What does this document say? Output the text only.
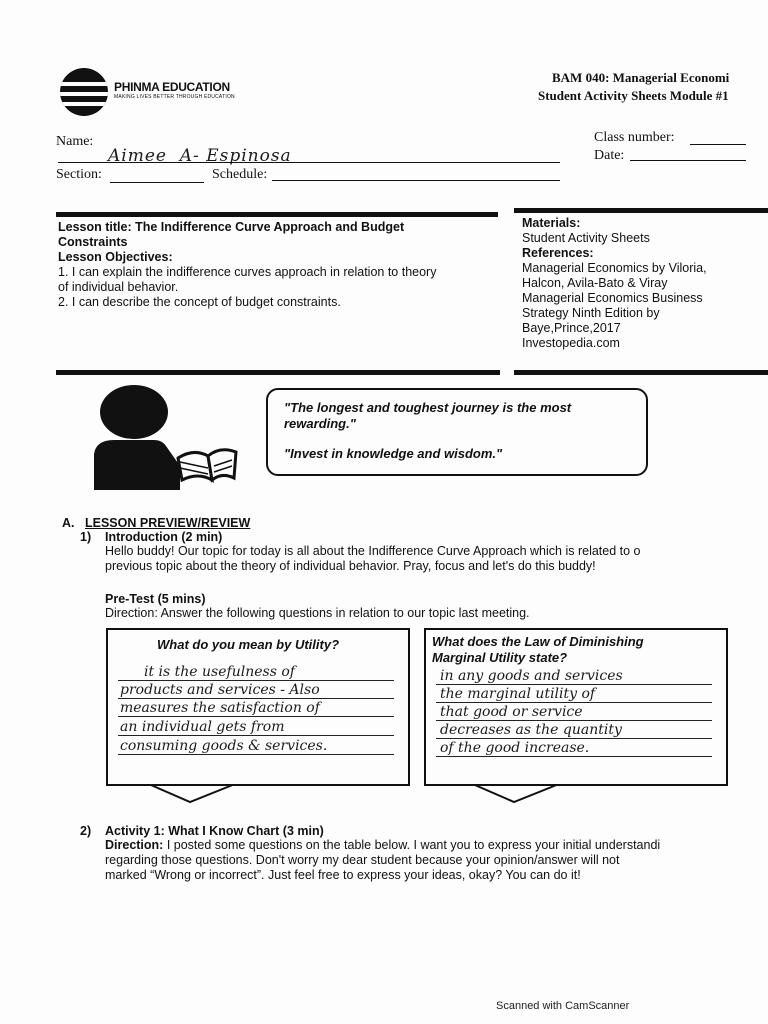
PHINMA EDUCATION
MAKING LIVES BETTER THROUGH EDUCATION
BAM 040: Managerial Economi
Student Activity Sheets Module #1
Name:
Aimee  A- Espinosa
Section:	Schedule:
Class number:
Date:
Lesson title: The Indifference Curve Approach and Budget
Constraints
Lesson Objectives:
1. I can explain the indifference curves approach in relation to theory
of individual behavior.
2. I can describe the concept of budget constraints.
Materials:
Student Activity Sheets
References:
Managerial Economics by Viloria,
Halcon, Avila-Bato & Viray
Managerial Economics Business
Strategy Ninth Edition by
Baye,Prince,2017
Investopedia.com
"The longest and toughest journey is the most
rewarding."
"Invest in knowledge and wisdom."
A. LESSON PREVIEW/REVIEW
1) Introduction (2 min)
Hello buddy! Our topic for today is all about the Indifference Curve Approach which is related to o
previous topic about the theory of individual behavior. Pray, focus and let's do this buddy!
Pre-Test (5 mins)
Direction: Answer the following questions in relation to our topic last meeting.
What do you mean by Utility?
it is the usefulness of
products and services - Also
measures the satisfaction of
an individual gets from
consuming goods & services.
What does the Law of Diminishing
Marginal Utility state?
in any goods and services
the marginal utility of
that good or service
decreases as the quantity
of the good increase.
2) Activity 1: What I Know Chart (3 min)
Direction: I posted some questions on the table below. I want you to express your initial understandi
regarding those questions. Don't worry my dear student because your opinion/answer will not
marked “Wrong or incorrect”. Just feel free to express your ideas, okay? You can do it!
Scanned with CamScanner
